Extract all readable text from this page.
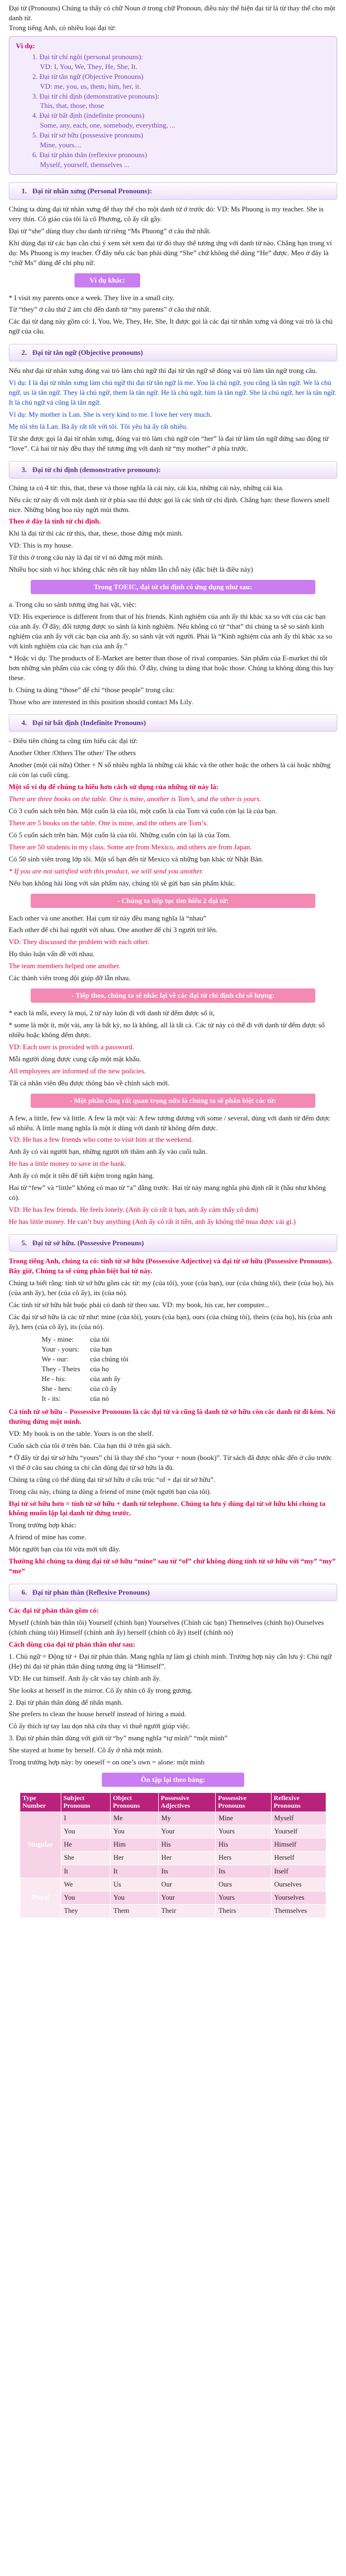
Đại từ (Pronouns) Chúng ta thấy có chữ Noun ở trong chữ Pronoun, điều này thể hiện đại từ là từ thay thế cho một danh từ.

Trong tiếng Anh, có nhiều loại đại từ:

Vì dụ:
1. Đại từ chỉ ngôi (personal pronouns):
VD: I, You, We, They, He, She, It.
2. Đại từ tân ngữ (Objective Pronouns)
VD: me, you, us, them, him, her, it.
3. Đại từ chỉ định (demonstrative pronouns):
This, that, those, those
4. Đại từ bất định (indefinite pronouns)
Some, any, each, one, somebody, everything, ...
5. Đại từ sở hữu (possessive pronouns)
Mine, yours....
6. Đại từ phản thân (reflexive pronouns)
Myself, yourself, themselves ...
1. Đại từ nhân xưng (Personal Pronouns):

Chúng ta dùng đại từ nhân xưng để thay thế cho một danh từ ở trước đó: VD: Ms Phuong is my teacher. She is very thin. Cô giáo của tôi là cô Phương, cô ấy rất gầy.

Đại từ “she” dùng thay cho danh từ riêng “Ms Phuong” ở câu thứ nhất.

Khi dùng đại từ các bạn cần chú ý xem xét xem đại từ đó thay thế tương ứng với danh từ nào. Chẳng hạn trong ví dụ: Ms Phuong is my teacher. Ở đây nếu các bạn phải dùng “She” chứ không thể dùng “He” được. Mẹo ở đây là “chữ Ms” dùng để chỉ phụ nữ.

Ví dụ khác:

* I visit my parents once a week. They live in a small city.

Từ “they” ở câu thứ 2 ám chỉ đến danh từ “my parents” ở câu thứ nhất.

Các đại từ dạng này gồm có: I, You, We, They, He, She, It được gọi là các đại từ nhân xưng và đóng vai trò là chủ ngữ của câu.

2. Đại từ tân ngữ (Objective pronouns)

Nếu như đại từ nhân xưng đóng vai trò làm chủ ngữ thì đại từ tân ngữ sẽ đóng vai trò làm tân ngữ trong câu.

Ví dụ: I là đại từ nhân xưng làm chủ ngữ thì đại từ tân ngữ là me. You là chủ ngữ, you cũng là tân ngữ. We là chủ ngữ, us là tân ngữ. They là chủ ngữ, them là tân ngữ. He là chủ ngữ, him là tân ngữ. She là chủ ngữ, her là tân ngữ. It là chủ ngữ và cũng là tân ngữ.

Ví dụ: My mother is Lan. She is very kind to me. I love her very much.

Mẹ tôi tên là Lan. Bà ấy rất tốt với tôi. Tôi yêu bà ấy rất nhiều.

Từ she được gọi là đại từ nhân xưng, đóng vai trò làm chủ ngữ còn “her” là đại từ làm tân ngữ đứng sau động từ “love”. Cả hai từ này đều thay thế tương ứng với danh từ “my mother” ở phía trước.

3. Đại từ chỉ định (demonstrative pronouns):

Chúng ta có 4 từ: this, that, these và those nghĩa là cái này, cái kia, những cái này, những cái kia.

Nếu các từ này đi với một danh từ ở phía sau thì được gọi là các tính từ chỉ định. Chẳng hạn: these flowers smell nice. Những bông hoa này ngửi mùi thơm.

Theo ở đây là tính từ chỉ định.

Khi là đại từ thì các từ this, that, these, those đứng một mình.

VD: This is my house.

Từ this ở trong câu này là đại từ vì nó đứng một mình.

Nhiều học sinh vì học không chắc nên rất hay nhầm lẫn chỗ này (đặc biệt là điều này)

Trong TOEIC, đại từ chỉ định có ứng dụng như sau:

a. Trong câu so sánh tương ứng hai vật, việc:

VD: His experience is different from that of his friends. Kinh nghiệm của anh ấy thì khác xa so với của các bạn của anh ấy. Ở đây, đối tượng được so sánh là kinh nghiệm. Nếu không có từ “that” thì chúng ta sẽ so sánh kinh nghiệm của anh ấy với các bạn của anh ấy, so sánh vật với người. Phải là “Kinh nghiệm của anh ấy thì khác xa so với kinh nghiệm của các bạn của anh ấy.”

* Hoặc ví dụ: The products of E-Market are better than those of rival companies. Sản phẩm của E-market thì tốt hơn những sản phẩm của các công ty đối thủ. Ở đây, chúng ta dùng that hoặc those. Chúng ta không dùng this hay these.

b. Chúng ta dùng “those” để chỉ “those people” trong câu:

Those who are interested in this position should contact Ms Lily.

4. Đại từ bất định (Indefinite Pronouns)

- Điều tiên chúng ta cũng tìm hiểu các đại từ:

Another Other /Others The other/ The others

Another (một cái nữa) Other + N số nhiều nghĩa là những cái khác và the other hoặc the others là cái hoặc những cái còn lại cuối cùng.

Một số ví dụ để chúng ta hiểu hơn cách sử dụng của những từ này là:

There are three books on the table. One is mine, another is Tom’s, and the other is yours.

Có 3 cuốn sách trên bàn. Một cuốn là của tôi, một cuốn là của Tom và cuốn còn lại là của bạn.

There are 5 books on the table. One is mine, and the others are Tom’s.

Có 5 cuốn sách trên bàn. Một cuốn là của tôi. Những cuốn còn lại là của Tom.

There are 50 students in my class. Some are from Mexico, and others are from Japan.

Có 50 sinh viên trong lớp tôi. Một số bạn đến từ Mexico và những bạn khác từ Nhật Bản.

* If you are not satisfied with this product, we will send you another.

Nếu bạn không hài lòng với sản phẩm này, chúng tôi sẽ gửi bạn sản phẩm khác.

- Chúng ta tiếp tục tìm hiểu 2 đại từ:

Each other và one another. Hai cụm từ này đều mang nghĩa là “nhau”

Each other để chỉ hai người với nhau. One another để chỉ 3 người trở lên.

VD: They discussed the problem with each other.

Họ thảo luận vấn đề với nhau.

The team members helped one another.

Các thành viên trong đội giúp đỡ lẫn nhau.

- Tiếp theo, chúng ta sẽ nhắc lại về các đại từ chỉ định chỉ số lượng:

* each là mỗi, every là mọi, 2 từ này luôn đi với danh từ đếm được số ít,

* some là một ít, một vài, any là bất kỳ, no là không, all là tất cả. Các từ này có thể đi với danh từ đếm được số nhiều hoặc không đếm được.

VD: Each user is provided with a password.

Mỗi người dùng được cung cấp một mật khẩu.

All employees are informed of the new policies.

Tất cả nhân viên đều được thông báo về chính sách mới.

- Một phần cũng rất quan trọng nữa là chúng ta sẽ phân biệt các từ:

A few, a little, few và little. A few là một vài: A few tương đương với some / several, dùng với danh từ đếm được số nhiều. A little mang nghĩa là một ít dùng với danh từ không đếm được.

VD: He has a few friends who come to visit him at the weekend.

Anh ấy có vài người bạn, những người tới thăm anh ấy vào cuối tuần.

He has a little money to save in the bank.

Anh ấy có một ít tiền để tiết kiệm trong ngân hàng.

Hai từ “few” và “little” không có mạo từ “a” đằng trước. Hai từ này mang nghĩa phủ định rất ít (hầu như không có).

VD: He has few friends. He feels lonely. (Anh ấy có rất ít bạn, anh ấy cảm thấy cô đơn)

He has little money. He can’t buy anything (Anh ấy có rất ít tiền, anh ấy không thể mua được cái gì.)

5. Đại từ sở hữu. (Possessive Pronouns)

Trong tiếng Anh, chúng ta có: tính từ sở hữu (Possessive Adjective) và đại từ sở hữu (Possessive Pronouns). Bây giờ, Chúng ta sẽ cùng phân biệt hai từ này.

Chúng ta biết rằng: tính từ sở hữu gồm các từ: my (của tôi), your (của bạn), our (của chúng tôi), their (của họ), his (của anh ấy), her (của cô ấy), its (của nó).

Các tính từ sở hữu bắt buộc phải có danh từ theo sau. VD: my book, his car, her computer...

Các đại từ sở hữu là các từ như: mine (của tôi), yours (của bạn), ours (của chúng tôi), theirs (của họ), his (của anh ấy), hers (của cô ấy), its (của nó).

My - mine:	của tôi
Your - yours:	của bạn
We - our:	của chúng tôi
They - Theirs	của họ
He - his:	của anh ấy
She - hers:	của cô ấy
It - its:	của nó

Cả tính từ sở hữu – Possessive Pronouns là các đại từ và cũng là danh từ sở hữu còn các danh từ đi kèm. Nó thường đứng một mình.

VD: My book is on the table. Yours is on the shelf.

Cuốn sách của tôi ở trên bàn. Của bạn thì ở trên giá sách.

* Ở đây từ đại từ sở hữu “yours” chỉ là thay thế cho “your + noun (book)”. Từ sách đã được nhắc đến ở câu trước vì thế ở câu sau chúng ta chỉ cần dùng đại từ sở hữu là đủ.

Chúng ta cũng có thể dùng đại từ sở hữu ở cấu trúc “of + đại từ sở hữu”.

Trong câu này, chúng ta dùng a friend of mine (một người bạn của tôi).

Đại từ sở hữu hơn = tính từ sở hữu + danh từ telephone. Chúng ta lưu ý dùng đại từ sở hữu khi chúng ta không muốn lặp lại danh từ đứng trước.

Trong trường hợp khác:

A friend of mine has come.

Một người bạn của tôi vừa mới tới đây.

Thường khi chúng ta dùng đại từ sở hữu “mine” sau từ “of” chứ không dùng tính từ sở hữu với “my” “my” “me”

6. Đại từ phản thân (Reflexive Pronouns)

Các đại từ phản thân gồm có:

Myself (chính bản thân tôi) Yourself (chính bạn) Yourselves (Chính các bạn) Themselves (chính họ) Ourselves (chính chúng tôi) Himself (chính anh ấy) herself (chính cô ấy) itself (chính nó)

Cách dùng của đại từ phản thân như sau:

1. Chủ ngữ = Động từ + Đại từ phản thân. Mang nghĩa tự làm gì chính mình. Trường hợp này cần lưu ý: Chủ ngữ (He) thì đại từ phản thân đúng tương ứng là “Himself”.

VD: He cut himself. Anh ấy cắt vào tay chính anh ấy.

She looks at herself in the mirror. Cô ấy nhìn cô ấy trong gương.

2. Đại từ phản thân dùng để nhấn mạnh.

She prefers to clean the house herself instead of hiring a maid.

Cô ấy thích tự tay lau dọn nhà cửa thay vì thuê người giúp việc.

3. Đại từ phản thân dùng với giới từ “by” mang nghĩa “tự mình” “một mình”

She stayed at home by herself. Cô ấy ở nhà một mình.

Trong trường hợp này: by oneself = on one’s own = alone: một mình

Ôn tập lại theo bảng:
Type Number	Subject Pronouns	Object Pronouns	Possessive Adjectives	Possessive Pronouns	Reflexive Pronouns
Singular	I	Me	My	Mine	Myself
	You	You	Your	Yours	Yourself
	He	Him	His	His	Himself
	She	Her	Her	Hers	Herself
	It	It	Its	Its	Itself
Plural	We	Us	Our	Ours	Ourselves
	You	You	Your	Yours	Yourselves
	They	Them	Their	Theirs	Themselves
